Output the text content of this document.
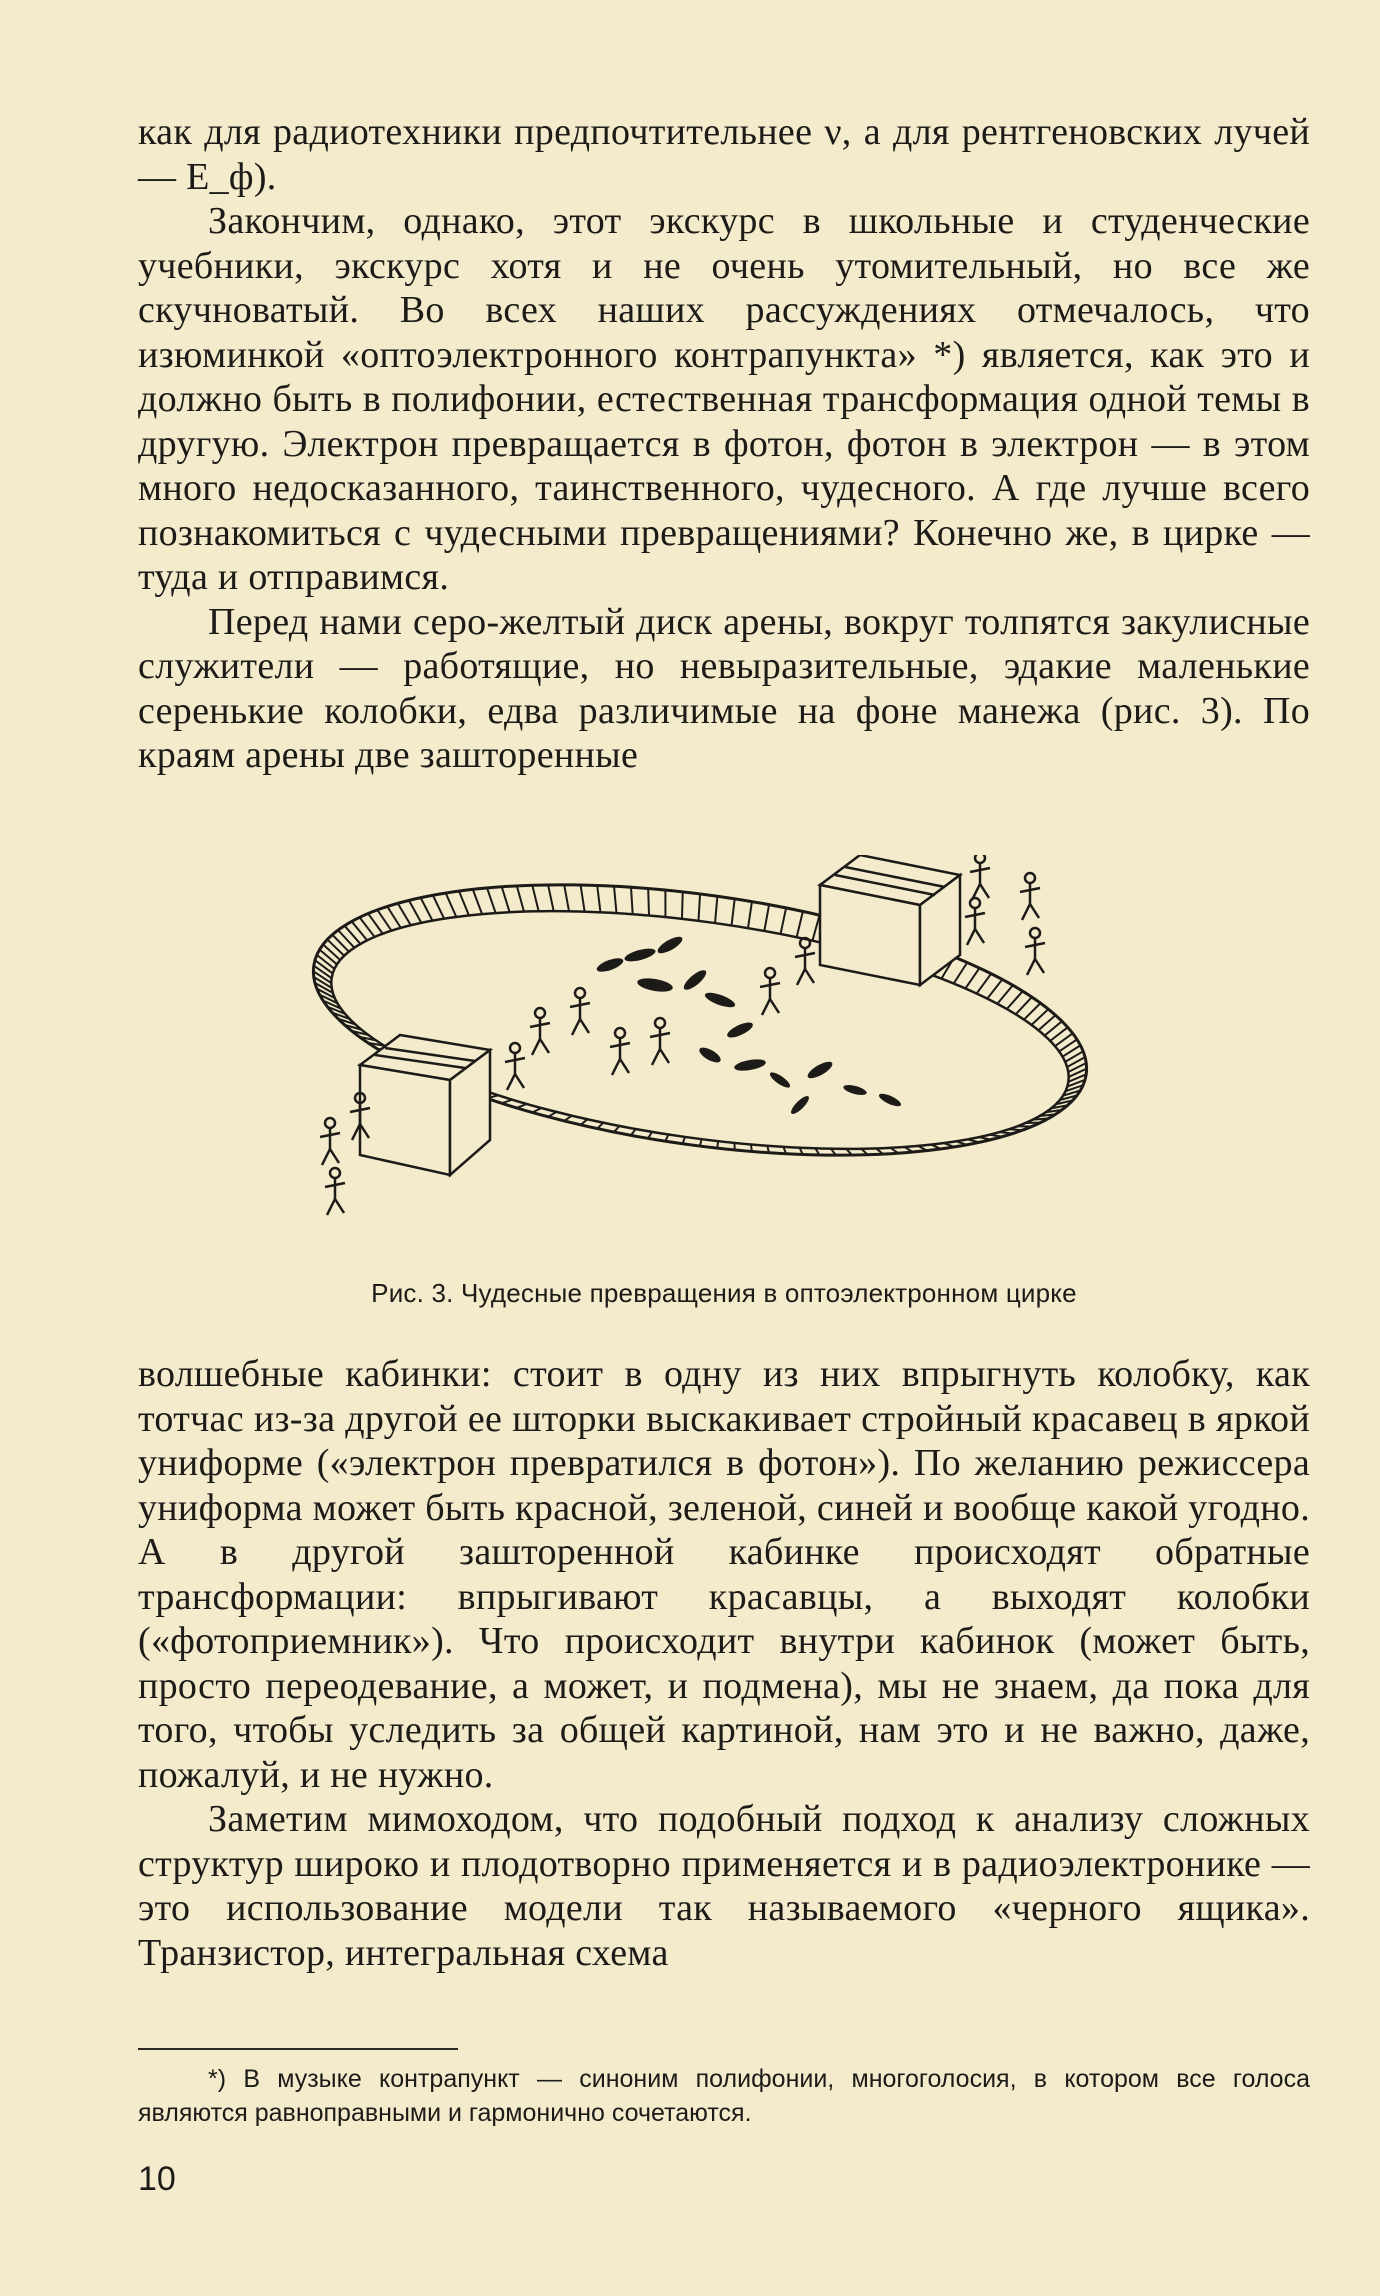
как для радиотехники предпочтительнее ν, а для рентгеновских лучей — E_ф).

Закончим, однако, этот экскурс в школьные и студенческие учебники, экскурс хотя и не очень утомительный, но все же скучноватый. Во всех наших рассуждениях отмечалось, что изюминкой «оптоэлектронного контрапункта» *) является, как это и должно быть в полифонии, естественная трансформация одной темы в другую. Электрон превращается в фотон, фотон в электрон — в этом много недосказанного, таинственного, чудесного. А где лучше всего познакомиться с чудесными превращениями? Конечно же, в цирке — туда и отправимся.

Перед нами серо-желтый диск арены, вокруг толпятся закулисные служители — работящие, но невыразительные, эдакие маленькие серенькие колобки, едва различимые на фоне манежа (рис. 3). По краям арены две зашторенные

Рис. 3. Чудесные превращения в оптоэлектронном цирке

волшебные кабинки: стоит в одну из них впрыгнуть колобку, как тотчас из-за другой ее шторки выскакивает стройный красавец в яркой униформе («электрон превратился в фотон»). По желанию режиссера униформа может быть красной, зеленой, синей и вообще какой угодно. А в другой зашторенной кабинке происходят обратные трансформации: впрыгивают красавцы, а выходят колобки («фотоприемник»). Что происходит внутри кабинок (может быть, просто переодевание, а может, и подмена), мы не знаем, да пока для того, чтобы уследить за общей картиной, нам это и не важно, даже, пожалуй, и не нужно.

Заметим мимоходом, что подобный подход к анализу сложных структур широко и плодотворно применяется и в радиоэлектронике — это использование модели так называемого «черного ящика». Транзистор, интегральная схема

*) В музыке контрапункт — синоним полифонии, многоголосия, в котором все голоса являются равноправными и гармонично сочетаются.

10
